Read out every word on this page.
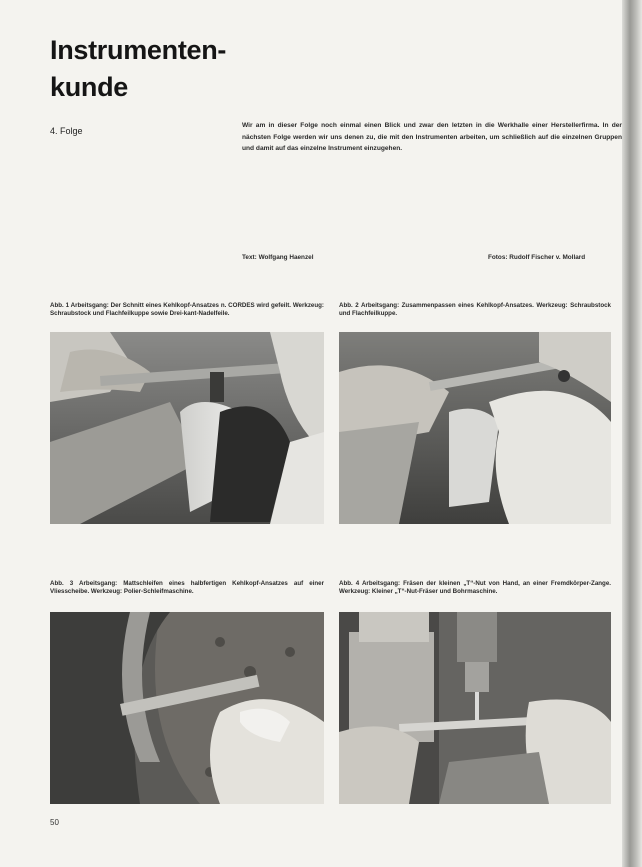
Instrumenten-
kunde
4. Folge
Wir am in dieser Folge noch einmal einen Blick und zwar den letzten in die Werkhalle einer Herstellerfirma. In der nächsten Folge werden wir uns denen zu, die mit den Instrumenten arbeiten, um schließlich auf die einzelnen Gruppen und damit auf das einzelne Instrument einzugehen.
Text: Wolfgang Haenzel	Fotos: Rudolf Fischer v. Mollard
Abb. 1 Arbeitsgang: Der Schnitt eines Kehlkopf-Ansatzes n. CORDES wird gefeilt. Werkzeug: Schraubstock und Flachfeilkuppe sowie Drei-kant-Nadelfeile.
Abb. 2 Arbeitsgang: Zusammenpassen eines Kehlkopf-Ansatzes. Werkzeug: Schraubstock und Flachfeilkuppe.
Abb. 3 Arbeitsgang: Mattschleifen eines halbfertigen Kehlkopf-Ansatzes auf einer Vliesscheibe. Werkzeug: Polier-Schleifmaschine.
Abb. 4 Arbeitsgang: Fräsen der kleinen „T“-Nut von Hand, an einer Fremdkörper-Zange. Werkzeug: Kleiner „T“-Nut-Fräser und Bohrmaschine.
50
